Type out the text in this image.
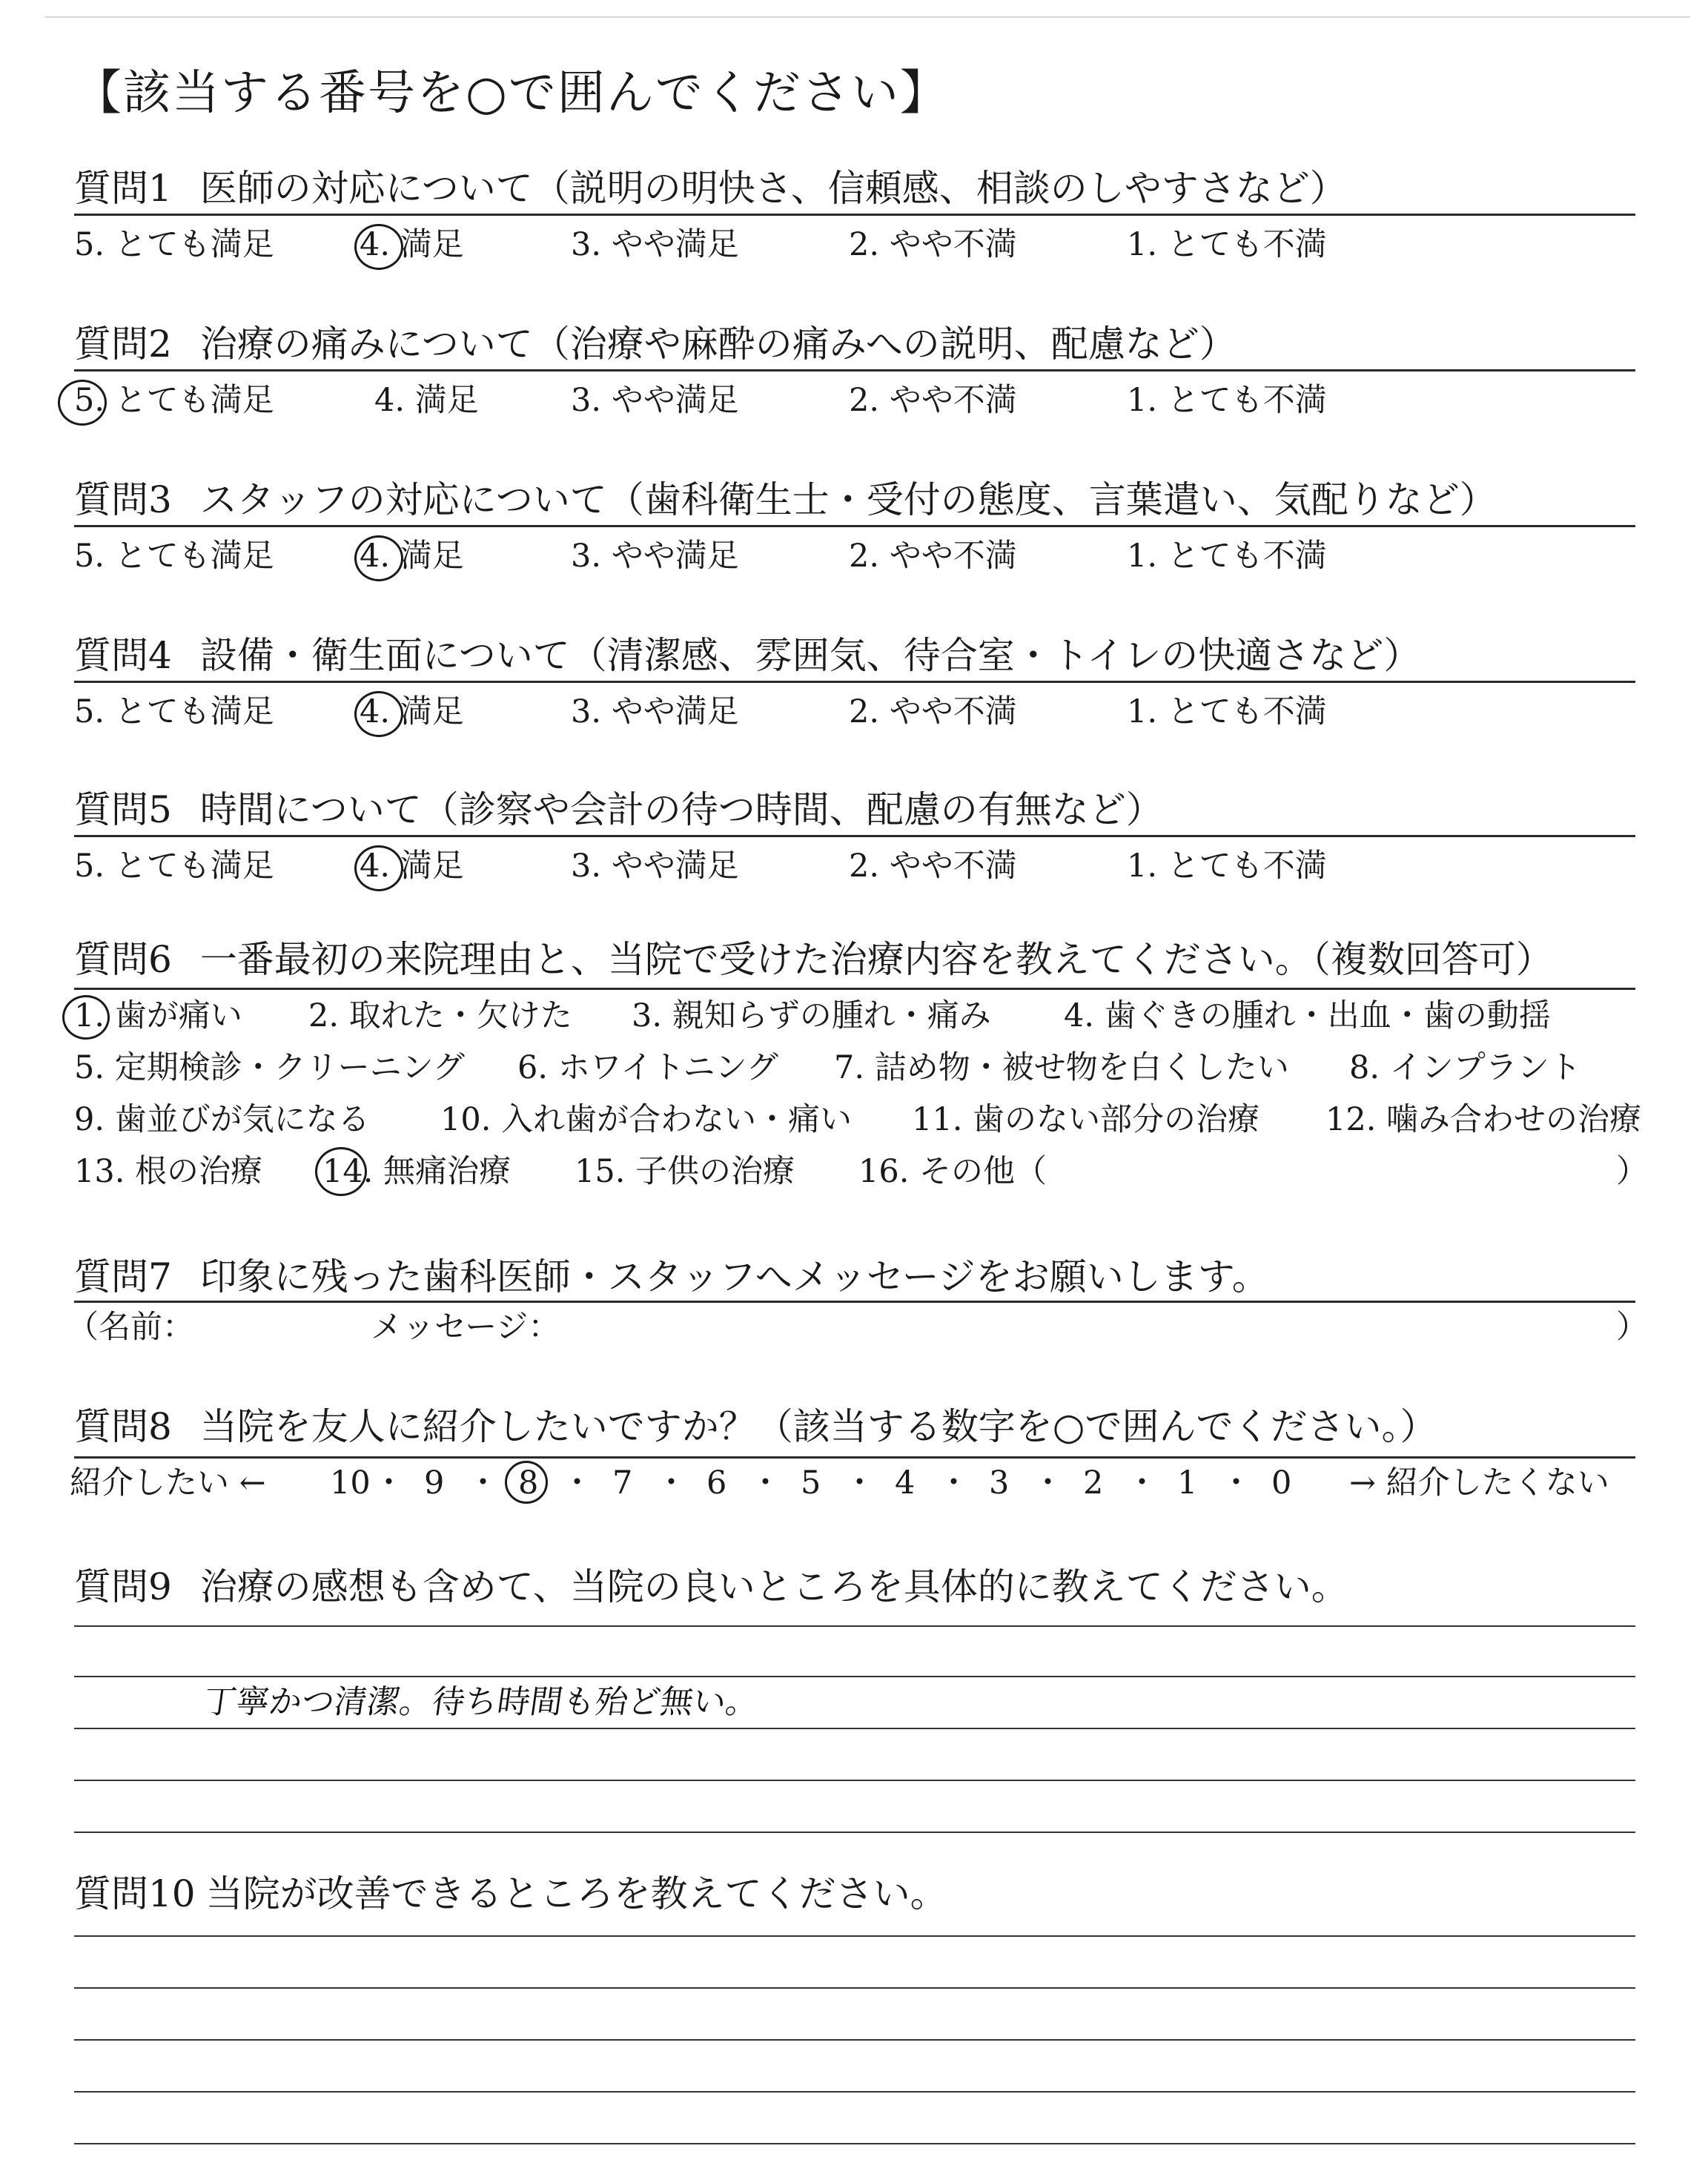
【該当する番号を○で囲んでください】
質問1 医師の対応について（説明の明快さ、信頼感、相談のしやすさなど）
5. とても満足	4. 満足	3. やや満足	2. やや不満	1. とても不満
質問2 治療の痛みについて（治療や麻酔の痛みへの説明、配慮など）
5. とても満足	4. 満足	3. やや満足	2. やや不満	1. とても不満
質問3 スタッフの対応について（歯科衛生士・受付の態度、言葉遣い、気配りなど）
5. とても満足	4. 満足	3. やや満足	2. やや不満	1. とても不満
質問4 設備・衛生面について（清潔感、雰囲気、待合室・トイレの快適さなど）
5. とても満足	4. 満足	3. やや満足	2. やや不満	1. とても不満
質問5 時間について（診察や会計の待つ時間、配慮の有無など）
5. とても満足	4. 満足	3. やや満足	2. やや不満	1. とても不満
質問6 一番最初の来院理由と、当院で受けた治療内容を教えてください。（複数回答可）
1. 歯が痛い 2. 取れた・欠けた 3. 親知らずの腫れ・痛み 4. 歯ぐきの腫れ・出血・歯の動揺
5. 定期検診・クリーニング 6. ホワイトニング 7. 詰め物・被せ物を白くしたい 8. インプラント
9. 歯並びが気になる 10. 入れ歯が合わない・痛い 11. 歯のない部分の治療 12. 噛み合わせの治療
13. 根の治療 14. 無痛治療 15. 子供の治療 16. その他（	）
質問7 印象に残った歯科医師・スタッフへメッセージをお願いします。
（名前：	メッセージ：	）
質問8 当院を友人に紹介したいですか？（該当する数字を○で囲んでください。）
紹介したい ←	→ 紹介したくない
10 ・ 9 ・ 8 ・ 7 ・ 6 ・ 5 ・ 4 ・ 3 ・ 2 ・ 1 ・ 0
質問9 治療の感想も含めて、当院の良いところを具体的に教えてください。
丁寧かつ清潔。待ち時間も殆ど無い。
質問10 当院が改善できるところを教えてください。
